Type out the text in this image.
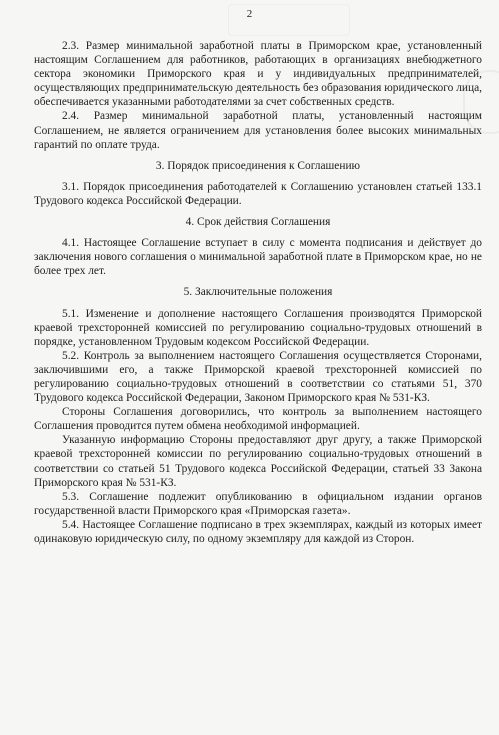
2

2.3. Размер минимальной заработной платы в Приморском крае, установленный настоящим Соглашением для работников, работающих в организациях внебюджетного сектора экономики Приморского края и у индивидуальных предпринимателей, осуществляющих предпринимательскую деятельность без образования юридического лица, обеспечивается указанными работодателями за счет собственных средств.

2.4. Размер минимальной заработной платы, установленный настоящим Соглашением, не является ограничением для установления более высоких минимальных гарантий по оплате труда.

3. Порядок присоединения к Соглашению

3.1. Порядок присоединения работодателей к Соглашению установлен статьей 133.1 Трудового кодекса Российской Федерации.

4. Срок действия Соглашения

4.1. Настоящее Соглашение вступает в силу с момента подписания и действует до заключения нового соглашения о минимальной заработной плате в Приморском крае, но не более трех лет.

5. Заключительные положения

5.1. Изменение и дополнение настоящего Соглашения производятся Приморской краевой трехсторонней комиссией по регулированию социально-трудовых отношений в порядке, установленном Трудовым кодексом Российской Федерации.

5.2. Контроль за выполнением настоящего Соглашения осуществляется Сторонами, заключившими его, а также Приморской краевой трехсторонней комиссией по регулированию социально-трудовых отношений в соответствии со статьями 51, 370 Трудового кодекса Российской Федерации, Законом Приморского края № 531-КЗ.

Стороны Соглашения договорились, что контроль за выполнением настоящего Соглашения проводится путем обмена необходимой информацией.

Указанную информацию Стороны предоставляют друг другу, а также Приморской краевой трехсторонней комиссии по регулированию социально-трудовых отношений в соответствии со статьей 51 Трудового кодекса Российской Федерации, статьей 33 Закона Приморского края № 531-КЗ.

5.3. Соглашение подлежит опубликованию в официальном издании органов государственной власти Приморского края «Приморская газета».

5.4. Настоящее Соглашение подписано в трех экземплярах, каждый из которых имеет одинаковую юридическую силу, по одному экземпляру для каждой из Сторон.
